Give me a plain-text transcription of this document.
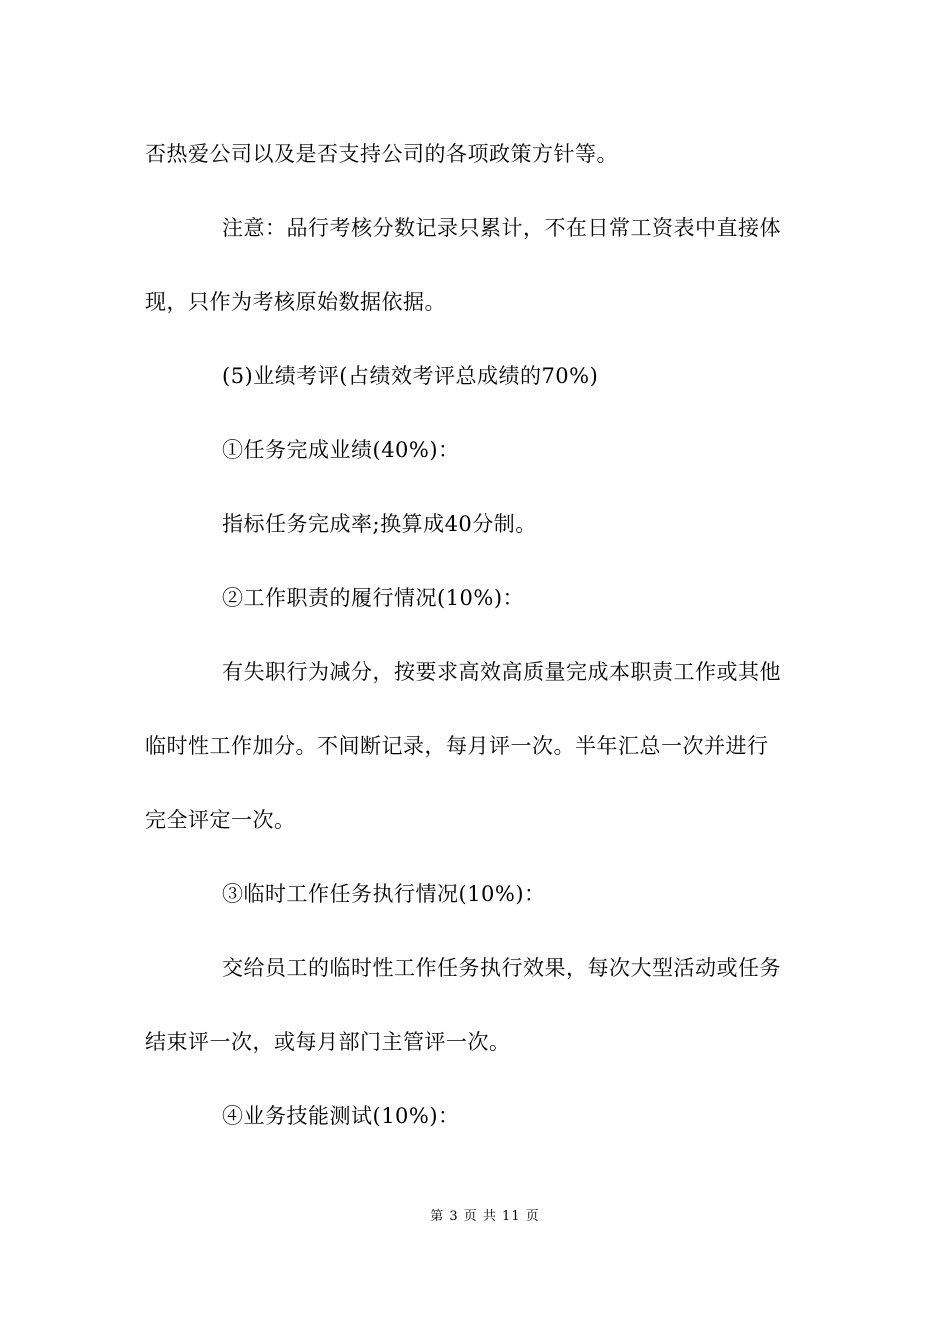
否热爱公司以及是否支持公司的各项政策方针等。
注意：品行考核分数记录只累计，不在日常工资表中直接体
现，只作为考核原始数据依据。
(5)业绩考评(占绩效考评总成绩的70%)
①任务完成业绩(40%)：
指标任务完成率;换算成40分制。
②工作职责的履行情况(10%)：
有失职行为减分，按要求高效高质量完成本职责工作或其他
临时性工作加分。不间断记录，每月评一次。半年汇总一次并进行
完全评定一次。
③临时工作任务执行情况(10%)：
交给员工的临时性工作任务执行效果，每次大型活动或任务
结束评一次，或每月部门主管评一次。
④业务技能测试(10%)：
第 3 页 共 11 页
